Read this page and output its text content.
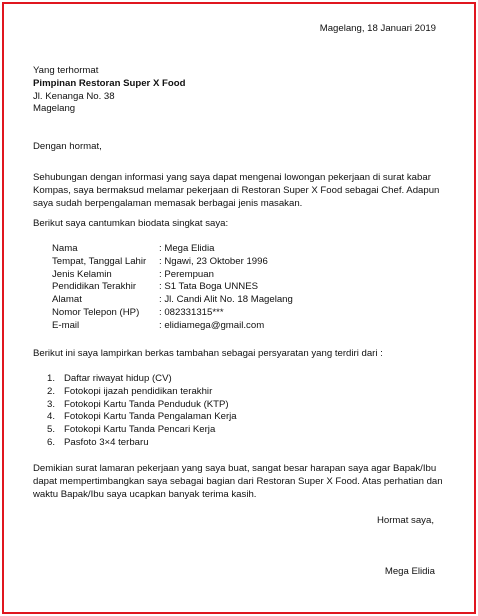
Magelang, 18 Januari 2019
Yang terhormat
Pimpinan Restoran Super X Food
Jl. Kenanga No. 38
Magelang
Dengan hormat,
Sehubungan dengan informasi yang saya dapat mengenai lowongan pekerjaan di surat kabar Kompas, saya bermaksud melamar pekerjaan di Restoran Super X Food sebagai Chef. Adapun saya sudah berpengalaman memasak berbagai jenis masakan.
Berikut saya cantumkan biodata singkat saya:
Nama	: Mega Elidia
Tempat, Tanggal Lahir	: Ngawi, 23 Oktober 1996
Jenis Kelamin	: Perempuan
Pendidikan Terakhir	: S1 Tata Boga UNNES
Alamat	: Jl. Candi Alit No. 18 Magelang
Nomor Telepon (HP)	: 082331315***
E-mail	: elidiamega@gmail.com
Berikut ini saya lampirkan berkas tambahan sebagai persyaratan yang terdiri dari :
1. Daftar riwayat hidup (CV)
2. Fotokopi ijazah pendidikan terakhir
3. Fotokopi Kartu Tanda Penduduk (KTP)
4. Fotokopi Kartu Tanda Pengalaman Kerja
5. Fotokopi Kartu Tanda Pencari Kerja
6. Pasfoto 3×4 terbaru
Demikian surat lamaran pekerjaan yang saya buat, sangat besar harapan saya agar Bapak/Ibu dapat mempertimbangkan saya sebagai bagian dari Restoran Super X Food. Atas perhatian dan waktu Bapak/Ibu saya ucapkan banyak terima kasih.
Hormat saya,
Mega Elidia
